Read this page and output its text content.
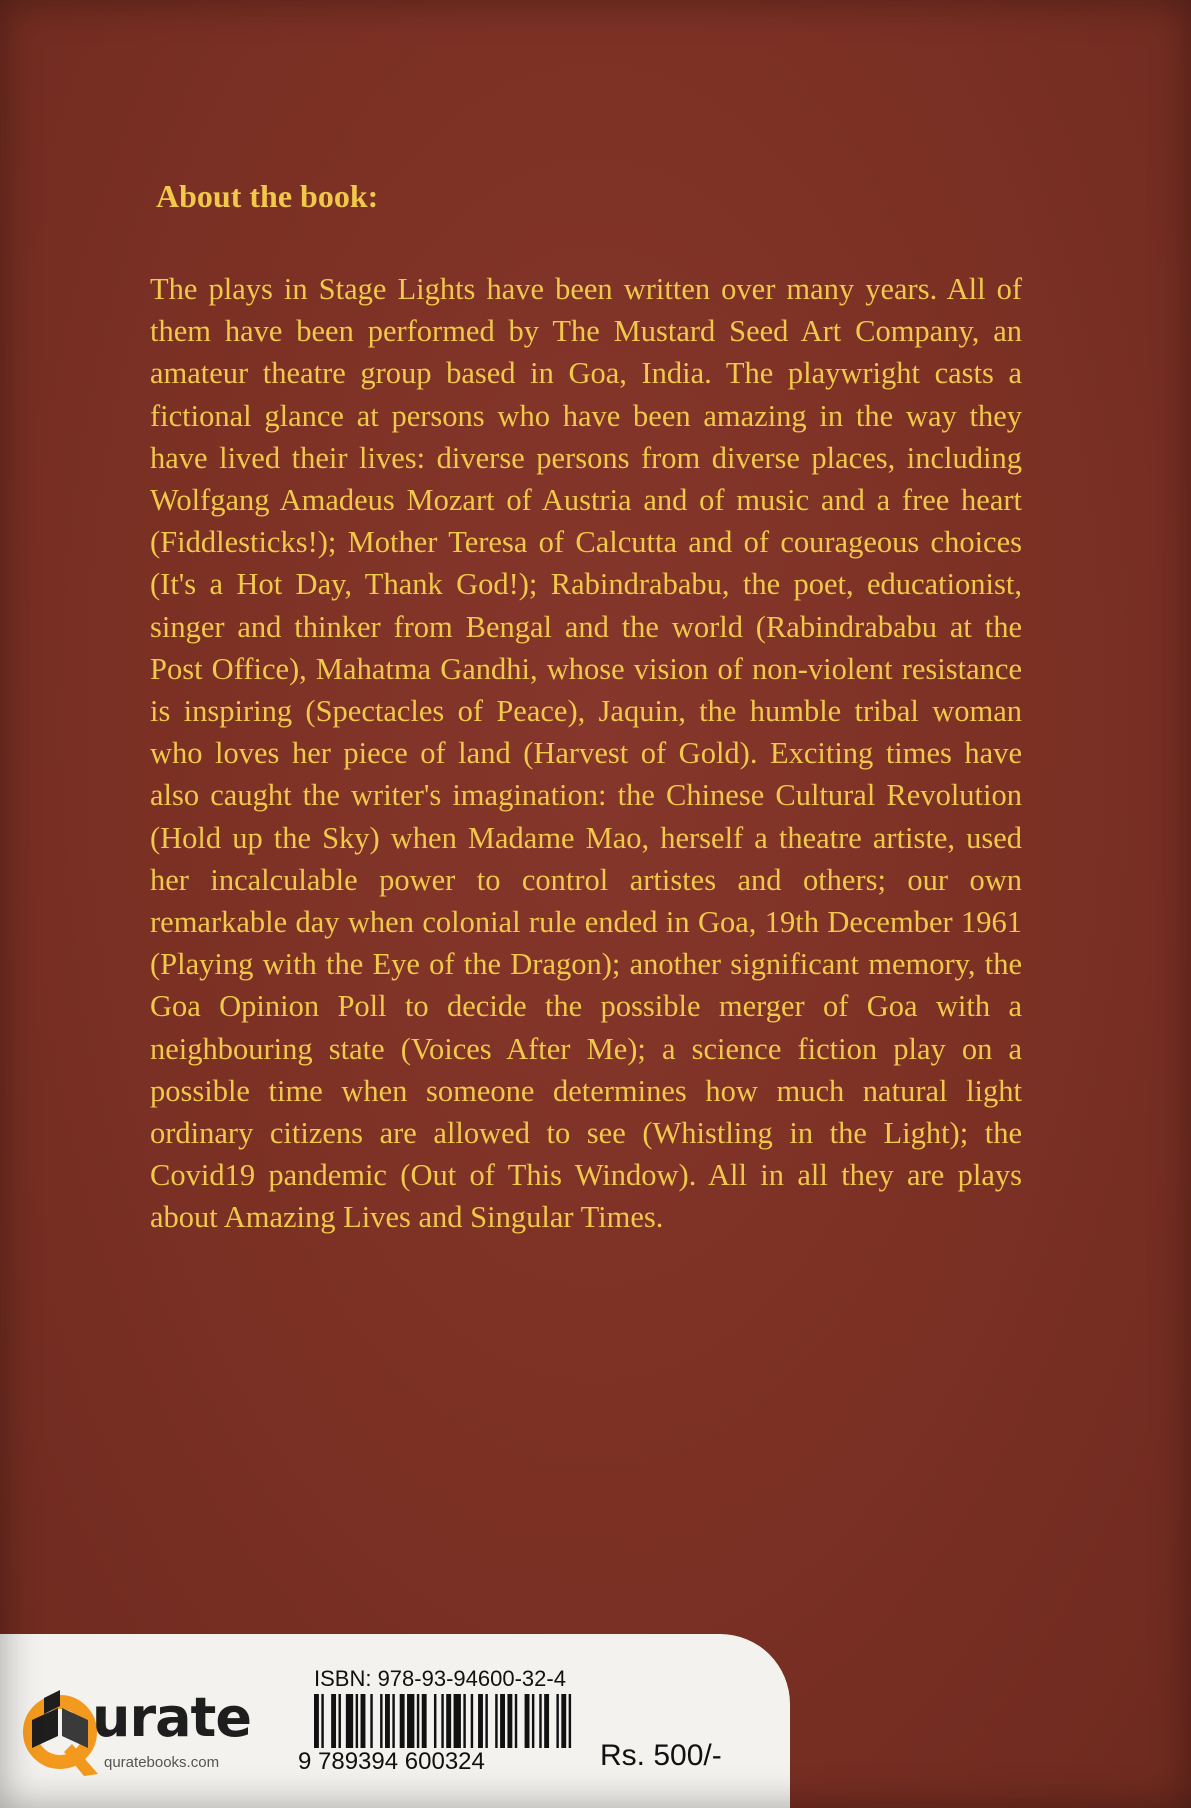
About the book:

The plays in Stage Lights have been written over many years. All of them have been performed by The Mustard Seed Art Company, an amateur theatre group based in Goa, India. The playwright casts a fictional glance at persons who have been amazing in the way they have lived their lives: diverse persons from diverse places, including Wolfgang Amadeus Mozart of Austria and of music and a free heart (Fiddlesticks!); Mother Teresa of Calcutta and of courageous choices (It's a Hot Day, Thank God!); Rabindrababu, the poet, educationist, singer and thinker from Bengal and the world (Rabindrababu at the Post Office), Mahatma Gandhi, whose vision of non-violent resistance is inspiring (Spectacles of Peace), Jaquin, the humble tribal woman who loves her piece of land (Harvest of Gold). Exciting times have also caught the writer's imagination: the Chinese Cultural Revolution (Hold up the Sky) when Madame Mao, herself a theatre artiste, used her incalculable power to control artistes and others; our own remarkable day when colonial rule ended in Goa, 19th December 1961 (Playing with the Eye of the Dragon); another significant memory, the Goa Opinion Poll to decide the possible merger of Goa with a neighbouring state (Voices After Me); a science fiction play on a possible time when someone determines how much natural light ordinary citizens are allowed to see (Whistling in the Light); the Covid19 pandemic (Out of This Window). All in all they are plays about Amazing Lives and Singular Times.

urate
quratebooks.com
ISBN: 978-93-94600-32-4
9 789394 600324	Rs. 500/-
